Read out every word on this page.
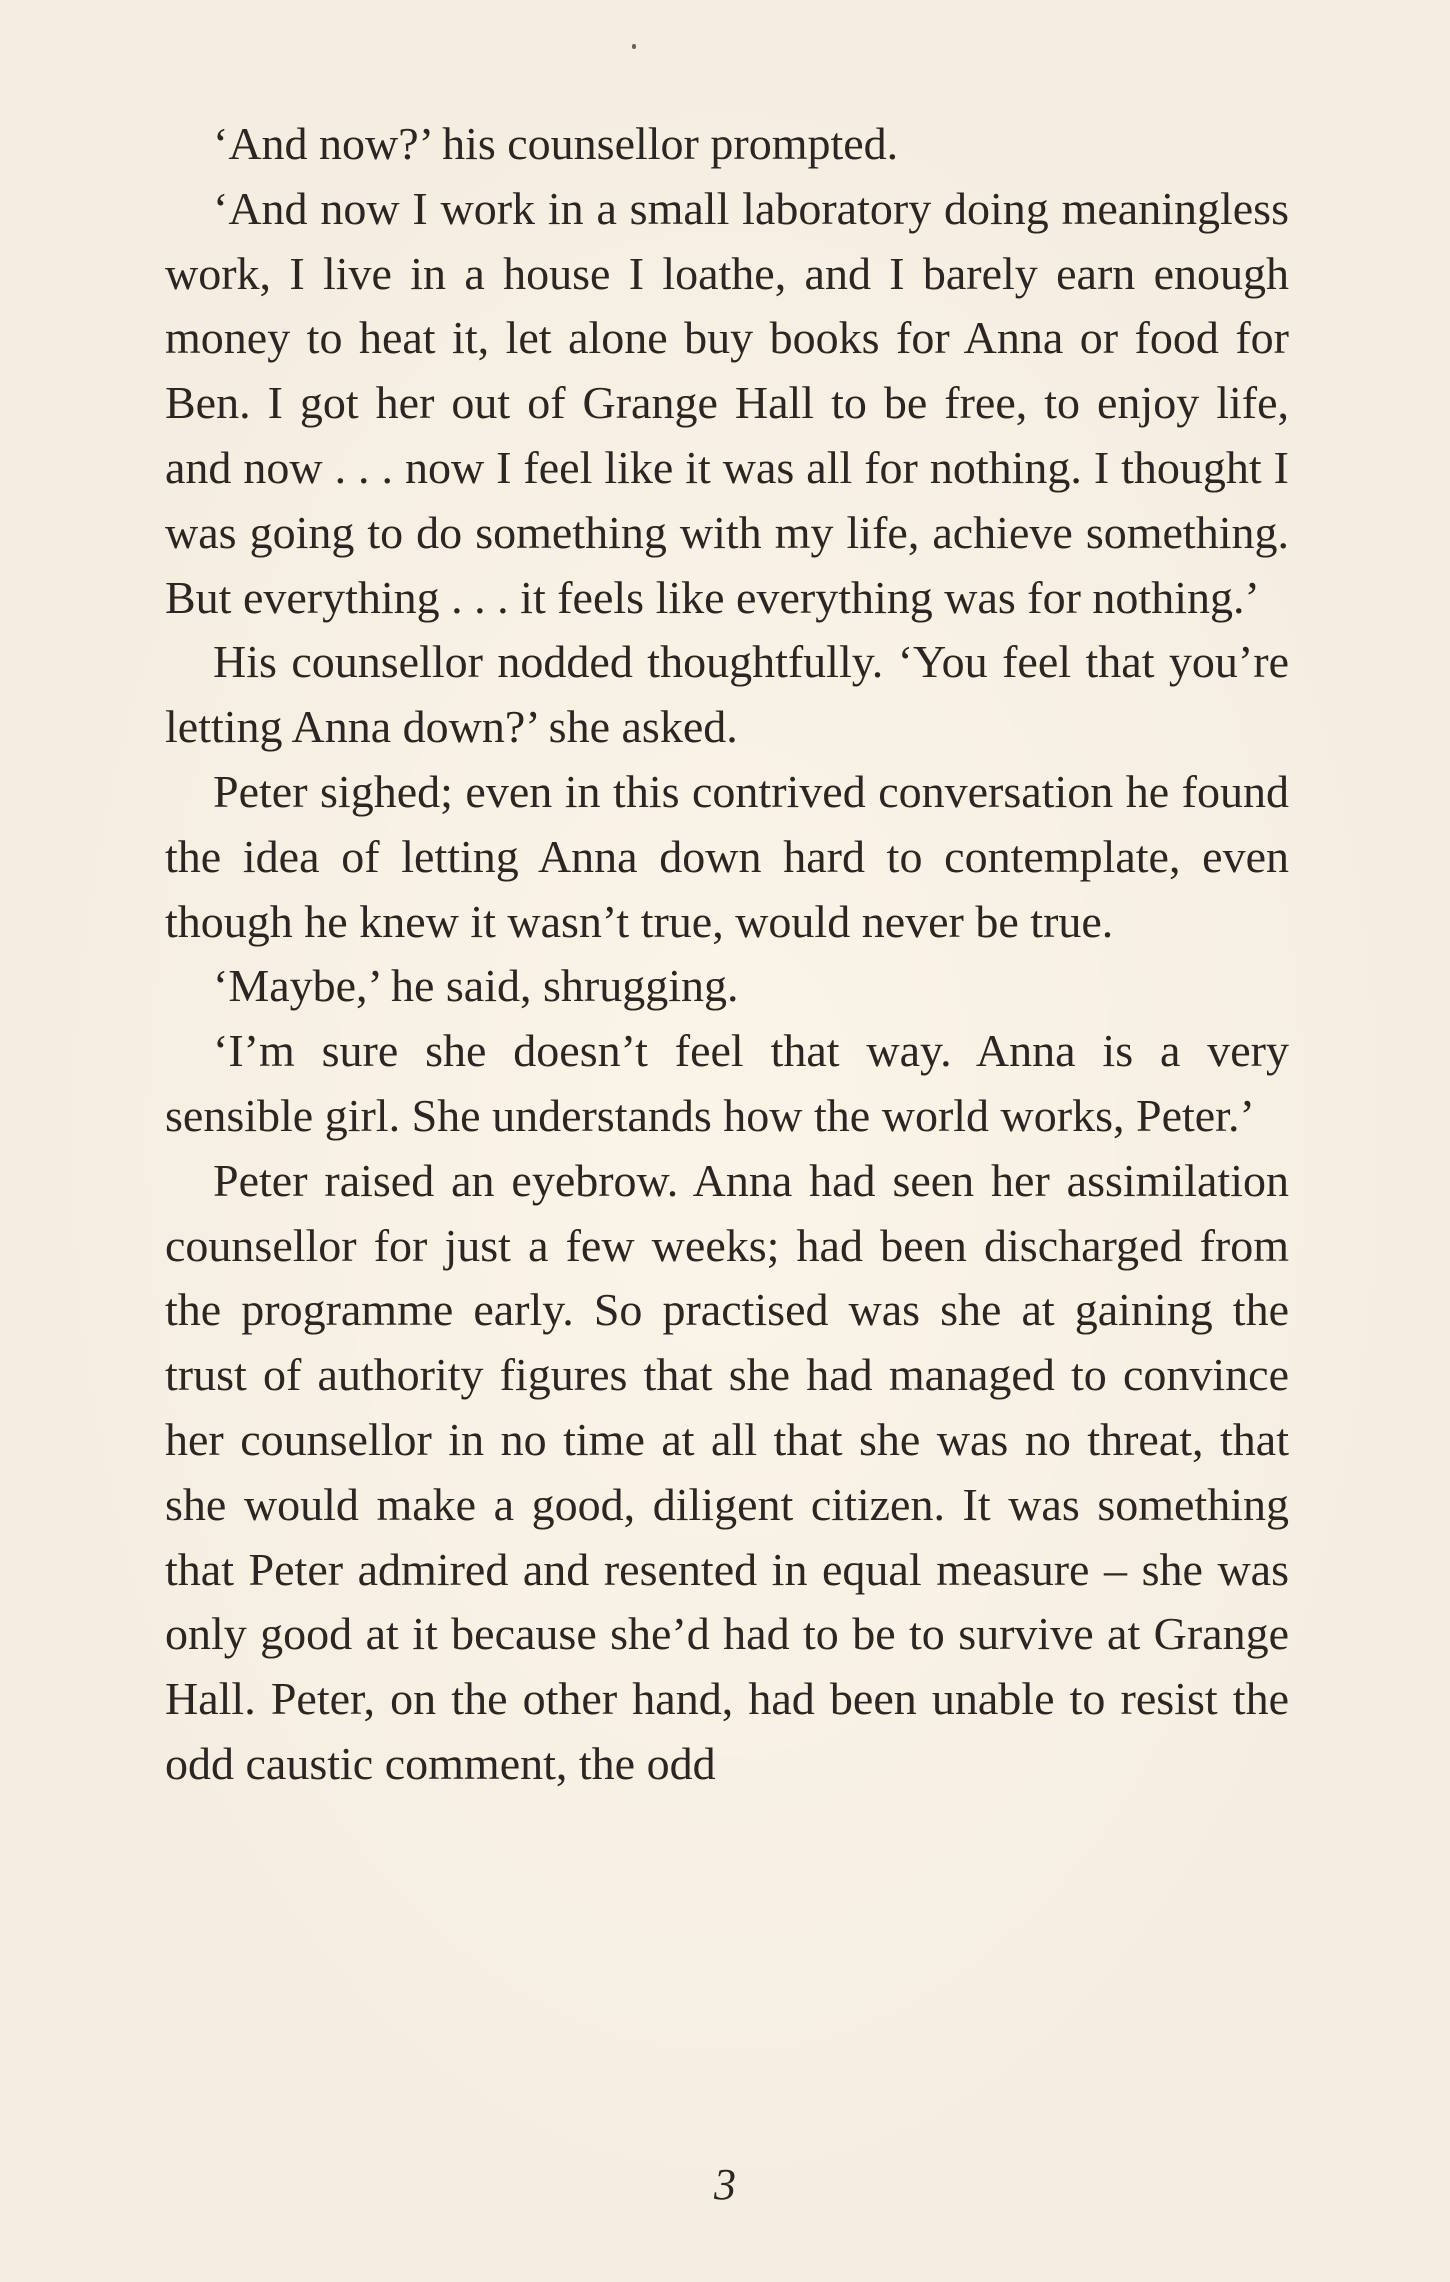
‘And now?’ his counsellor prompted.

‘And now I work in a small laboratory doing meaningless work, I live in a house I loathe, and I barely earn enough money to heat it, let alone buy books for Anna or food for Ben. I got her out of Grange Hall to be free, to enjoy life, and now . . . now I feel like it was all for nothing. I thought I was going to do something with my life, achieve something. But everything . . . it feels like everything was for nothing.’

His counsellor nodded thoughtfully. ‘You feel that you’re letting Anna down?’ she asked.

Peter sighed; even in this contrived conversation he found the idea of letting Anna down hard to contemplate, even though he knew it wasn’t true, would never be true.

‘Maybe,’ he said, shrugging.

‘I’m sure she doesn’t feel that way. Anna is a very sensible girl. She understands how the world works, Peter.’

Peter raised an eyebrow. Anna had seen her assimilation counsellor for just a few weeks; had been discharged from the programme early. So practised was she at gaining the trust of authority figures that she had managed to convince her counsellor in no time at all that she was no threat, that she would make a good, diligent citizen. It was something that Peter admired and resented in equal measure – she was only good at it because she’d had to be to survive at Grange Hall. Peter, on the other hand, had been unable to resist the odd caustic comment, the odd

3
